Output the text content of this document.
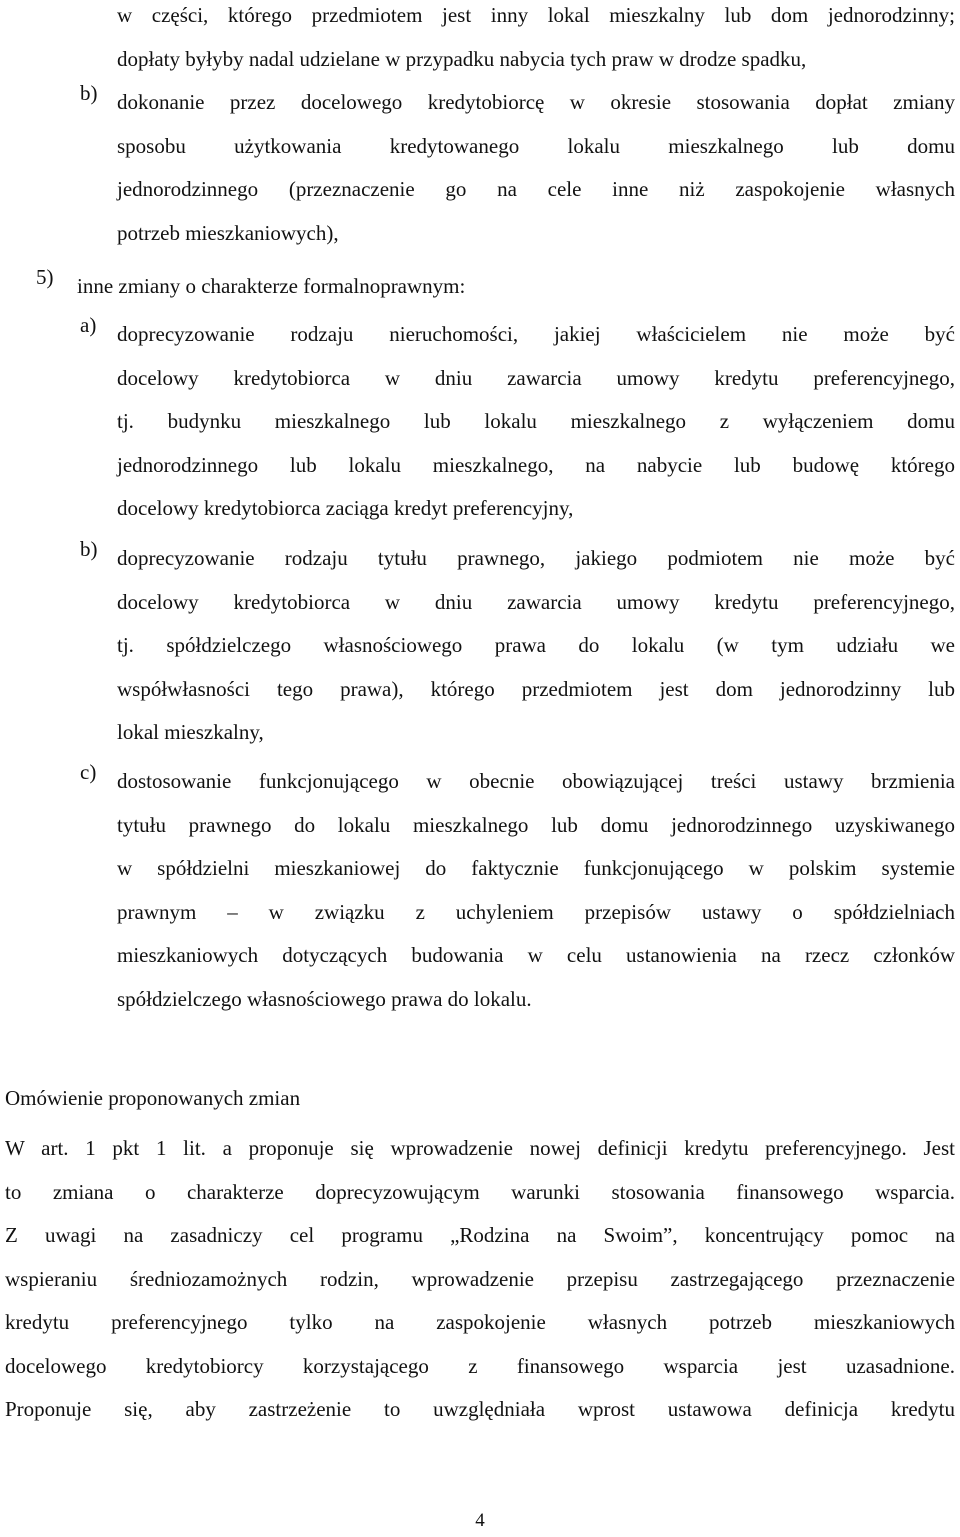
w części, którego przedmiotem jest inny lokal mieszkalny lub dom jednorodzinny;
dopłaty byłyby nadal udzielane w przypadku nabycia tych praw w drodze spadku,
b) dokonanie przez docelowego kredytobiorcę w okresie stosowania dopłat zmiany
sposobu użytkowania kredytowanego lokalu mieszkalnego lub domu
jednorodzinnego (przeznaczenie go na cele inne niż zaspokojenie własnych
potrzeb mieszkaniowych),
5) inne zmiany o charakterze formalnoprawnym:
a) doprecyzowanie rodzaju nieruchomości, jakiej właścicielem nie może być
docelowy kredytobiorca w dniu zawarcia umowy kredytu preferencyjnego,
tj. budynku mieszkalnego lub lokalu mieszkalnego z wyłączeniem domu
jednorodzinnego lub lokalu mieszkalnego, na nabycie lub budowę którego
docelowy kredytobiorca zaciąga kredyt preferencyjny,
b) doprecyzowanie rodzaju tytułu prawnego, jakiego podmiotem nie może być
docelowy kredytobiorca w dniu zawarcia umowy kredytu preferencyjnego,
tj. spółdzielczego własnościowego prawa do lokalu (w tym udziału we
współwłasności tego prawa), którego przedmiotem jest dom jednorodzinny lub
lokal mieszkalny,
c) dostosowanie funkcjonującego w obecnie obowiązującej treści ustawy brzmienia
tytułu prawnego do lokalu mieszkalnego lub domu jednorodzinnego uzyskiwanego
w spółdzielni mieszkaniowej do faktycznie funkcjonującego w polskim systemie
prawnym – w związku z uchyleniem przepisów ustawy o spółdzielniach
mieszkaniowych dotyczących budowania w celu ustanowienia na rzecz członków
spółdzielczego własnościowego prawa do lokalu.
Omówienie proponowanych zmian
W art. 1 pkt 1 lit. a proponuje się wprowadzenie nowej definicji kredytu preferencyjnego. Jest
to zmiana o charakterze doprecyzowującym warunki stosowania finansowego wsparcia.
Z uwagi na zasadniczy cel programu „Rodzina na Swoim”, koncentrujący pomoc na
wspieraniu średniozamożnych rodzin, wprowadzenie przepisu zastrzegającego przeznaczenie
kredytu preferencyjnego tylko na zaspokojenie własnych potrzeb mieszkaniowych
docelowego kredytobiorcy korzystającego z finansowego wsparcia jest uzasadnione.
Proponuje się, aby zastrzeżenie to uwzględniała wprost ustawowa definicja kredytu
4
